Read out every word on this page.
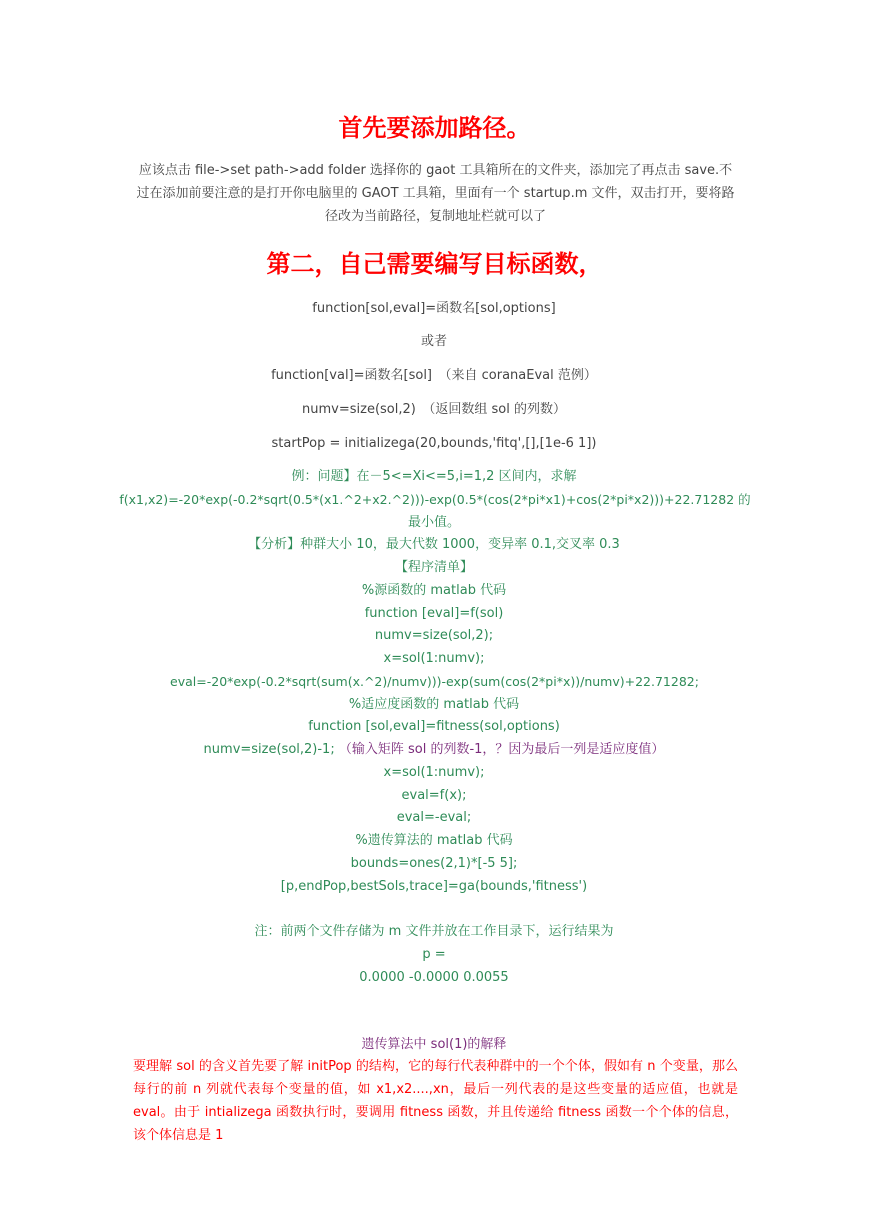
首先要添加路径。
应该点击 file->set path->add folder 选择你的 gaot 工具箱所在的文件夹，添加完了再点击 save.不过在添加前要注意的是打开你电脑里的 GAOT 工具箱，里面有一个 startup.m 文件，双击打开，要将路径改为当前路径，复制地址栏就可以了
第二，自己需要编写目标函数，
function[sol,eval]=函数名[sol,options]
或者
function[val]=函数名[sol]　（来自 coranaEval 范例）
numv=size(sol,2)　（返回数组 sol 的列数）
startPop = initializega(20,bounds,'fitq',[],[1e-6 1])
例：问题】在－5<=Xi<=5,i=1,2 区间内，求解
f(x1,x2)=-20*exp(-0.2*sqrt(0.5*(x1.^2+x2.^2)))-exp(0.5*(cos(2*pi*x1)+cos(2*pi*x2)))+22.71282 的
最小值。
【分析】种群大小 10，最大代数 1000，变异率 0.1,交叉率 0.3
【程序清单】
%源函数的 matlab 代码
function [eval]=f(sol)
numv=size(sol,2);
x=sol(1:numv);
eval=-20*exp(-0.2*sqrt(sum(x.^2)/numv)))-exp(sum(cos(2*pi*x))/numv)+22.71282;
%适应度函数的 matlab 代码
function [sol,eval]=fitness(sol,options)
numv=size(sol,2)-1; （输入矩阵 sol 的列数-1，？因为最后一列是适应度值）
x=sol(1:numv);
eval=f(x);
eval=-eval;
%遗传算法的 matlab 代码
bounds=ones(2,1)*[-5 5];
[p,endPop,bestSols,trace]=ga(bounds,'fitness')
注：前两个文件存储为 m 文件并放在工作目录下，运行结果为
p =
0.0000 -0.0000 0.0055
遗传算法中 sol(1)的解释
要理解 sol 的含义首先要了解 initPop 的结构，它的每行代表种群中的一个个体，假如有 n 个变量，那么每行的前 n 列就代表每个变量的值，如 x1,x2....,xn，最后一列代表的是这些变量的适应值，也就是 eval。由于 intializega 函数执行时，要调用 fitness 函数，并且传递给 fitness 函数一个个体的信息，该个体信息是 1
